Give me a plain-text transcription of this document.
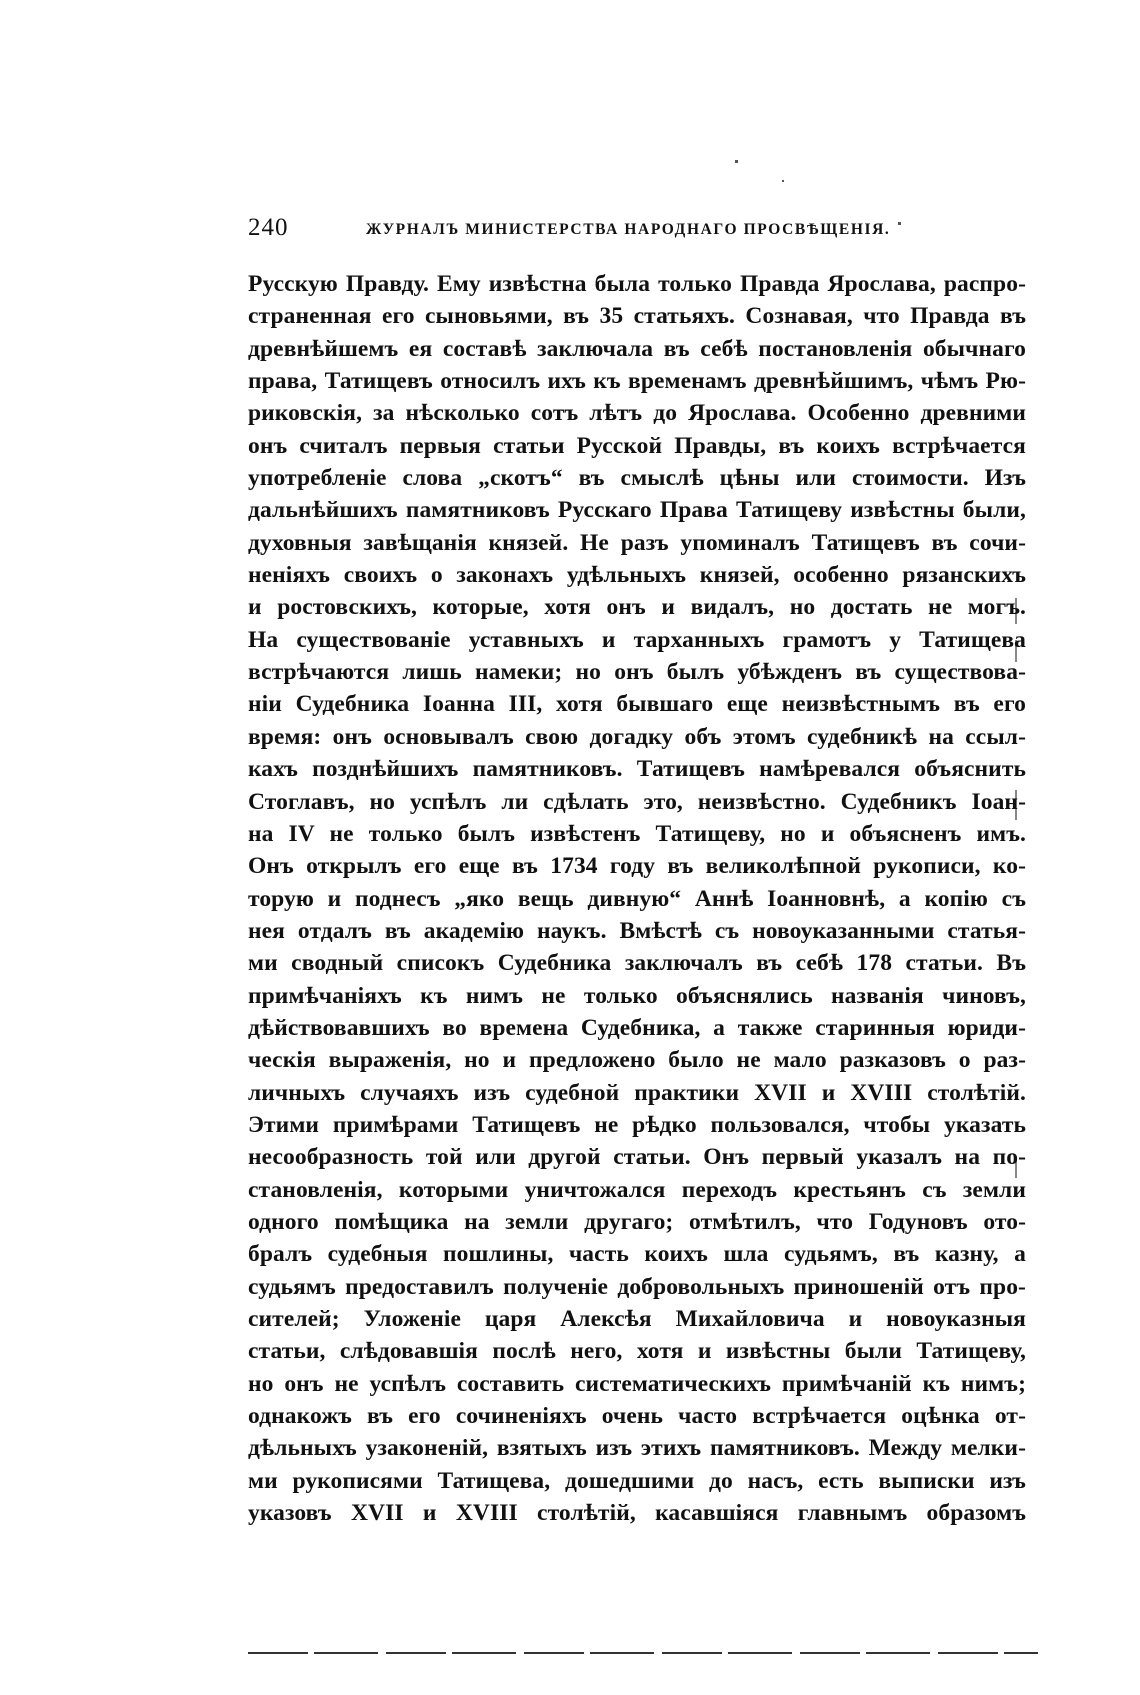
240	ЖУРНАЛЪ МИНИСТЕРСТВА НАРОДНАГО ПРОСВѢЩЕНІЯ.
Русскую Правду. Ему извѣстна была только Правда Ярослава, распро-
страненная его сыновьями, въ 35 статьяхъ. Сознавая, что Правда въ
древнѣйшемъ ея составѣ заключала въ себѣ постановленія обычнаго
права, Татищевъ относилъ ихъ къ временамъ древнѣйшимъ, чѣмъ Рю-
риковскія, за нѣсколько сотъ лѣтъ до Ярослава. Особенно древними
онъ считалъ первыя статьи Русской Правды, въ коихъ встрѣчается
употребленіе слова „скотъ“ въ смыслѣ цѣны или стоимости. Изъ
дальнѣйшихъ памятниковъ Русскаго Права Татищеву извѣстны были,
духовныя завѣщанія князей. Не разъ упоминалъ Татищевъ въ сочи-
неніяхъ своихъ о законахъ удѣльныхъ князей, особенно рязанскихъ
и ростовскихъ, которые, хотя онъ и видалъ, но достать не могъ.
На существованіе уставныхъ и тарханныхъ грамотъ у Татищева
встрѣчаются лишь намеки; но онъ былъ убѣжденъ въ существова-
ніи Судебника Іоанна III, хотя бывшаго еще неизвѣстнымъ въ его
время: онъ основывалъ свою догадку объ этомъ судебникѣ на ссыл-
кахъ позднѣйшихъ памятниковъ. Татищевъ намѣревался объяснить
Стоглавъ, но успѣлъ ли сдѣлать это, неизвѣстно. Судебникъ Іоан-
на IV не только былъ извѣстенъ Татищеву, но и объясненъ имъ.
Онъ открылъ его еще въ 1734 году въ великолѣпной рукописи, ко-
торую и поднесъ „яко вещь дивную“ Аннѣ Іоанновнѣ, а копію съ
нея отдалъ въ академію наукъ. Вмѣстѣ съ новоуказанными статья-
ми сводный списокъ Судебника заключалъ въ себѣ 178 статьи. Въ
примѣчаніяхъ къ нимъ не только объяснялись названія чиновъ,
дѣйствовавшихъ во времена Судебника, а также старинныя юриди-
ческія выраженія, но и предложено было не мало разказовъ о раз-
личныхъ случаяхъ изъ судебной практики XVII и XVIII столѣтій.
Этими примѣрами Татищевъ не рѣдко пользовался, чтобы указать
несообразность той или другой статьи. Онъ первый указалъ на по-
становленія, которыми уничтожался переходъ крестьянъ съ земли
одного помѣщика на земли другаго; отмѣтилъ, что Годуновъ ото-
бралъ судебныя пошлины, часть коихъ шла судьямъ, въ казну, а
судьямъ предоставилъ полученіе добровольныхъ приношеній отъ про-
сителей; Уложеніе царя Алексѣя Михайловича и новоуказныя
статьи, слѣдовавшія послѣ него, хотя и извѣстны были Татищеву,
но онъ не успѣлъ составить систематическихъ примѣчаній къ нимъ;
однакожъ въ его сочиненіяхъ очень часто встрѣчается оцѣнка от-
дѣльныхъ узаконеній, взятыхъ изъ этихъ памятниковъ. Между мелки-
ми рукописями Татищева, дошедшими до насъ, есть выписки изъ
указовъ XVII и XVIII столѣтій, касавшіяся главнымъ образомъ
